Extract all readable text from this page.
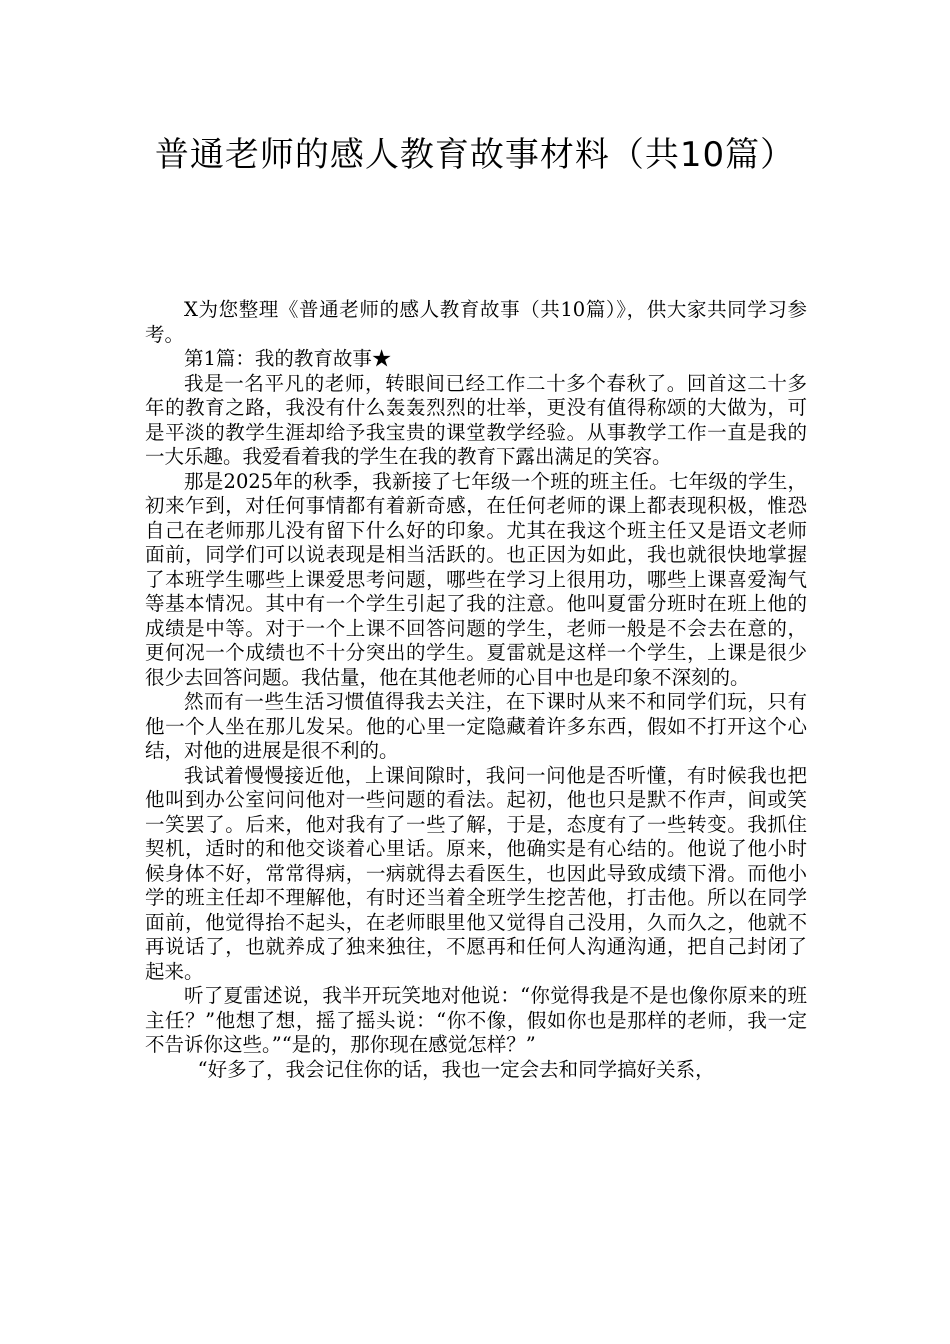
普通老师的感人教育故事材料（共10篇）

X为您整理《普通老师的感人教育故事（共10篇）》，供大家共同学习参考。

第1篇：我的教育故事★

我是一名平凡的老师，转眼间已经工作二十多个春秋了。回首这二十多年的教育之路，我没有什么轰轰烈烈的壮举，更没有值得称颂的大做为，可是平淡的教学生涯却给予我宝贵的课堂教学经验。从事教学工作一直是我的一大乐趣。我爱看着我的学生在我的教育下露出满足的笑容。

那是2025年的秋季，我新接了七年级一个班的班主任。七年级的学生，初来乍到，对任何事情都有着新奇感，在任何老师的课上都表现积极，惟恐自己在老师那儿没有留下什么好的印象。尤其在我这个班主任又是语文老师面前，同学们可以说表现是相当活跃的。也正因为如此，我也就很快地掌握了本班学生哪些上课爱思考问题，哪些在学习上很用功，哪些上课喜爱淘气等基本情况。其中有一个学生引起了我的注意。他叫夏雷分班时在班上他的成绩是中等。对于一个上课不回答问题的学生，老师一般是不会去在意的，更何况一个成绩也不十分突出的学生。夏雷就是这样一个学生，上课是很少很少去回答问题。我估量，他在其他老师的心目中也是印象不深刻的。

然而有一些生活习惯值得我去关注，在下课时从来不和同学们玩，只有他一个人坐在那儿发呆。他的心里一定隐藏着许多东西，假如不打开这个心结，对他的进展是很不利的。

我试着慢慢接近他，上课间隙时，我问一问他是否听懂，有时候我也把他叫到办公室问问他对一些问题的看法。起初，他也只是默不作声，间或笑一笑罢了。后来，他对我有了一些了解，于是，态度有了一些转变。我抓住契机，适时的和他交谈着心里话。原来，他确实是有心结的。他说了他小时候身体不好，常常得病，一病就得去看医生，也因此导致成绩下滑。而他小学的班主任却不理解他，有时还当着全班学生挖苦他，打击他。所以在同学面前，他觉得抬不起头，在老师眼里他又觉得自己没用，久而久之，他就不再说话了，也就养成了独来独往，不愿再和任何人沟通沟通，把自己封闭了起来。

听了夏雷述说，我半开玩笑地对他说：“你觉得我是不是也像你原来的班主任？”他想了想，摇了摇头说：“你不像，假如你也是那样的老师，我一定不告诉你这些。”“是的，那你现在感觉怎样？”

“好多了，我会记住你的话，我也一定会去和同学搞好关系，
